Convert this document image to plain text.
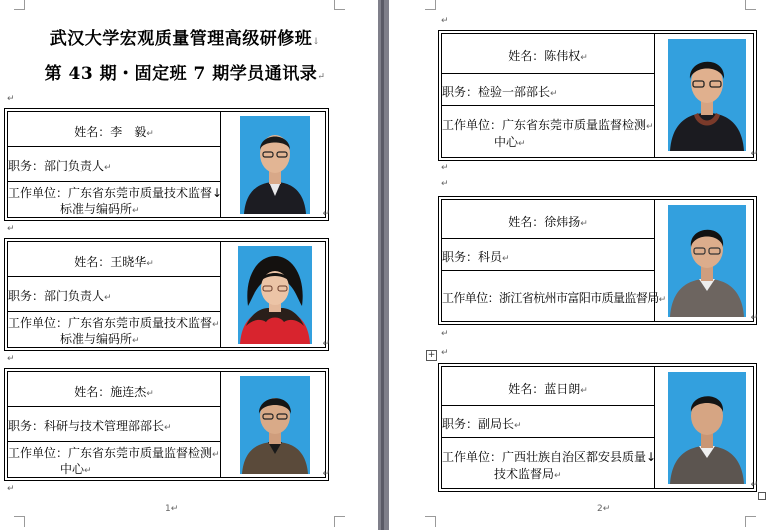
武汉大学宏观质量管理高级研修班↓
第 43 期・固定班 7 期学员通讯录↵
↵
姓名：李　毅↵
职务：部门负责人↵
工作单位：广东省东莞市质量技术监督↓
标准与编码所↵	↵
↵
姓名：王晓华↵
职务：部门负责人↵
工作单位：广东省东莞市质量技术监督↵
标准与编码所↵	↵
↵
姓名：施连杰↵
职务：科研与技术管理部部长↵
工作单位：广东省东莞市质量监督检测↵
中心↵	↵
↵
1↵
↵
姓名：陈伟权↵
职务：检验一部部长↵
工作单位：广东省东莞市质量监督检测↵
中心↵
↵
↵
↵
姓名：徐炜扬↵
职务：科员↵
工作单位：浙江省杭州市富阳市质量监督局↵
↵
↵
+ ↵
姓名：蓝日朗↵
职务：副局长↵
工作单位：广西壮族自治区都安县质量↓
技术监督局↵
↵
2↵
